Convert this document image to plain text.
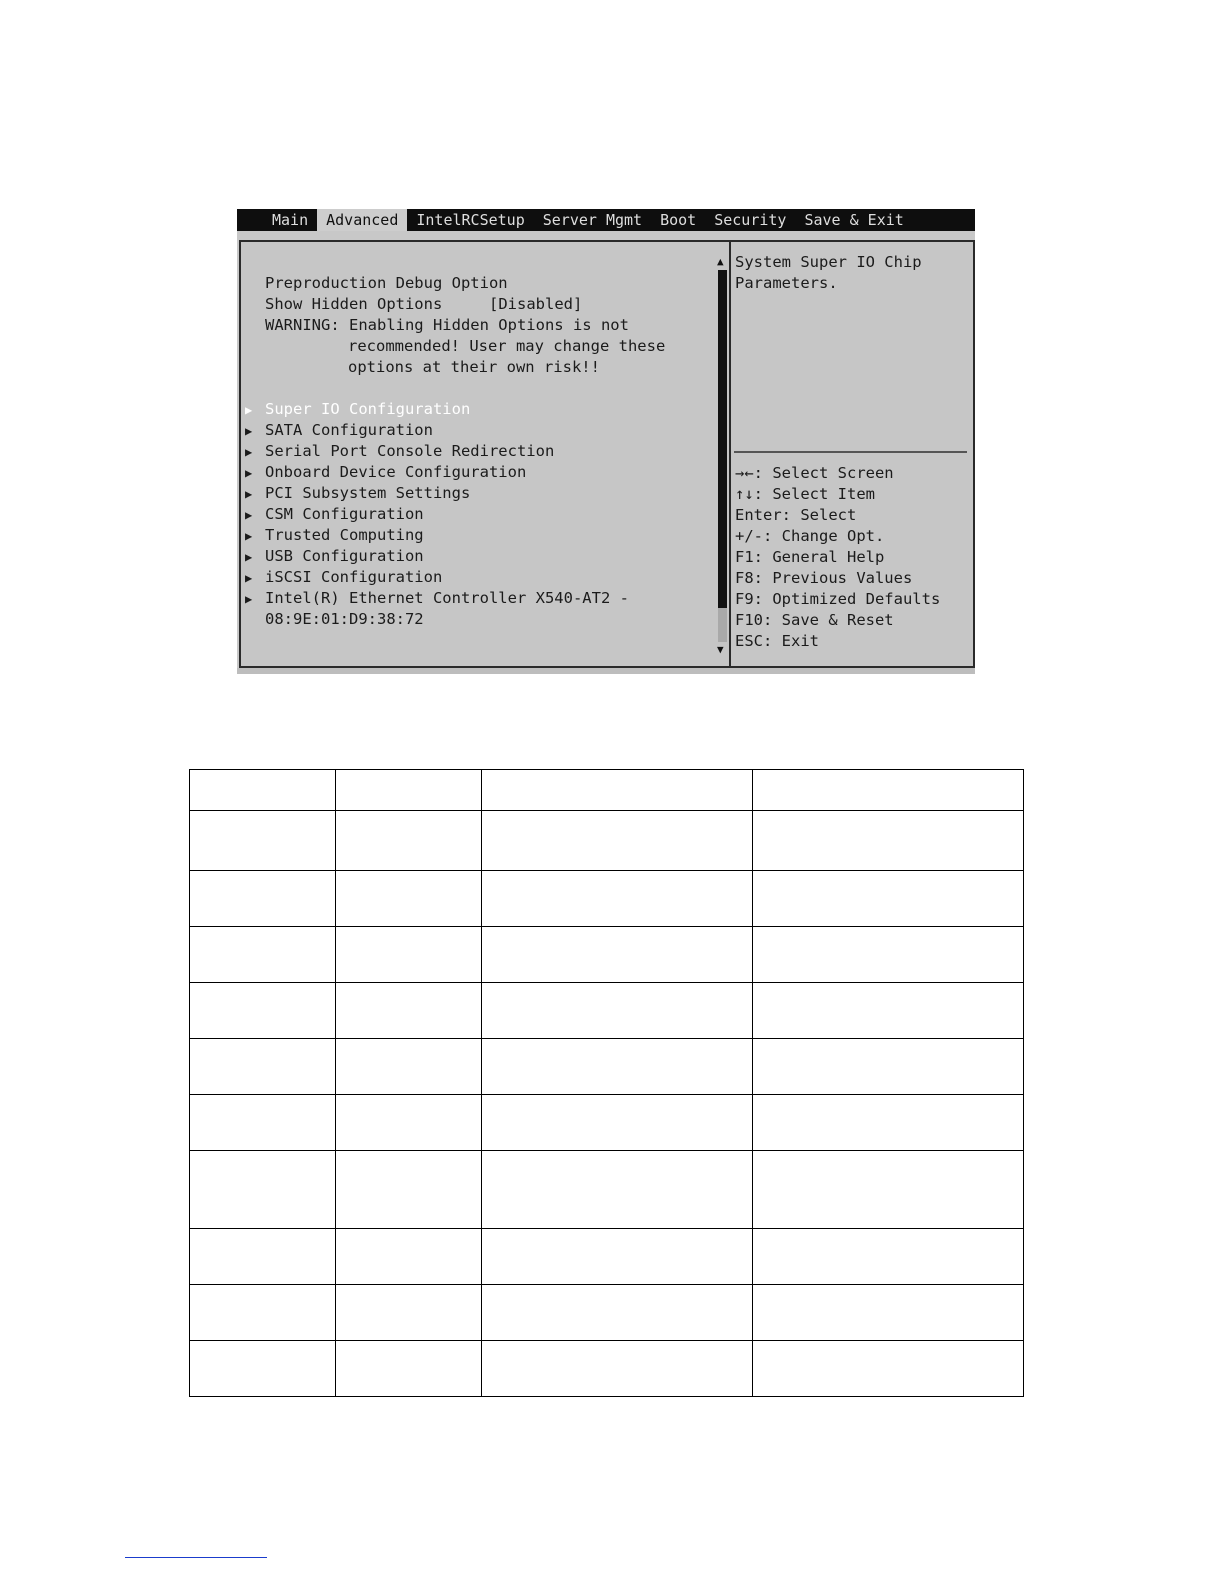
Main	Advanced	IntelRCSetup	Server Mgmt	Boot	Security	Save & Exit
Preproduction Debug Option
Show Hidden Options	[Disabled]
WARNING: Enabling Hidden Options is not
recommended! User may change these
options at their own risk!!
▶ Super IO Configuration
▶ SATA Configuration
▶ Serial Port Console Redirection
▶ Onboard Device Configuration
▶ PCI Subsystem Settings
▶ CSM Configuration
▶ Trusted Computing
▶ USB Configuration
▶ iSCSI Configuration
▶ Intel(R) Ethernet Controller X540-AT2 -
08:9E:01:D9:38:72
▲
▼
System Super IO Chip
Parameters.
→←: Select Screen
↑↓: Select Item
Enter: Select
+/-: Change Opt.
F1: General Help
F8: Previous Values
F9: Optimized Defaults
F10: Save & Reset
ESC: Exit
